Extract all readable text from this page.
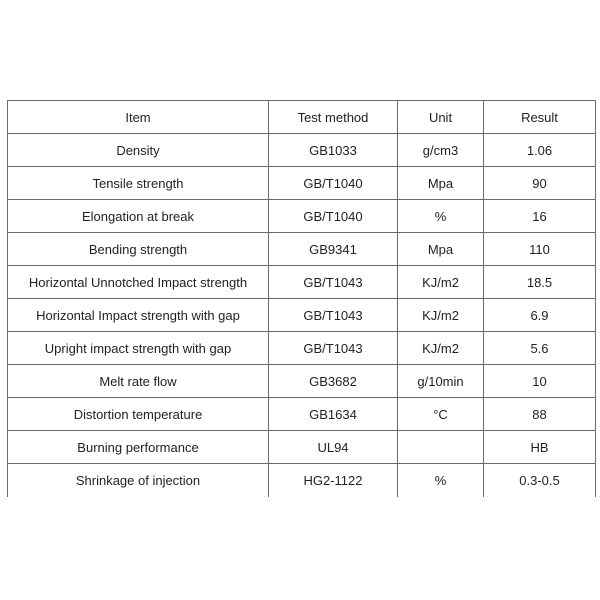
Item	Test method	Unit	Result
Density	GB1033	g/cm3	1.06
Tensile strength	GB/T1040	Mpa	90
Elongation at break	GB/T1040	%	16
Bending strength	GB9341	Mpa	110
Horizontal Unnotched Impact strength	GB/T1043	KJ/m2	18.5
Horizontal Impact strength with gap	GB/T1043	KJ/m2	6.9
Upright impact strength with gap	GB/T1043	KJ/m2	5.6
Melt rate flow	GB3682	g/10min	10
Distortion temperature	GB1634	°C	88
Burning performance	UL94		HB
Shrinkage of injection	HG2-1122	%	0.3-0.5
